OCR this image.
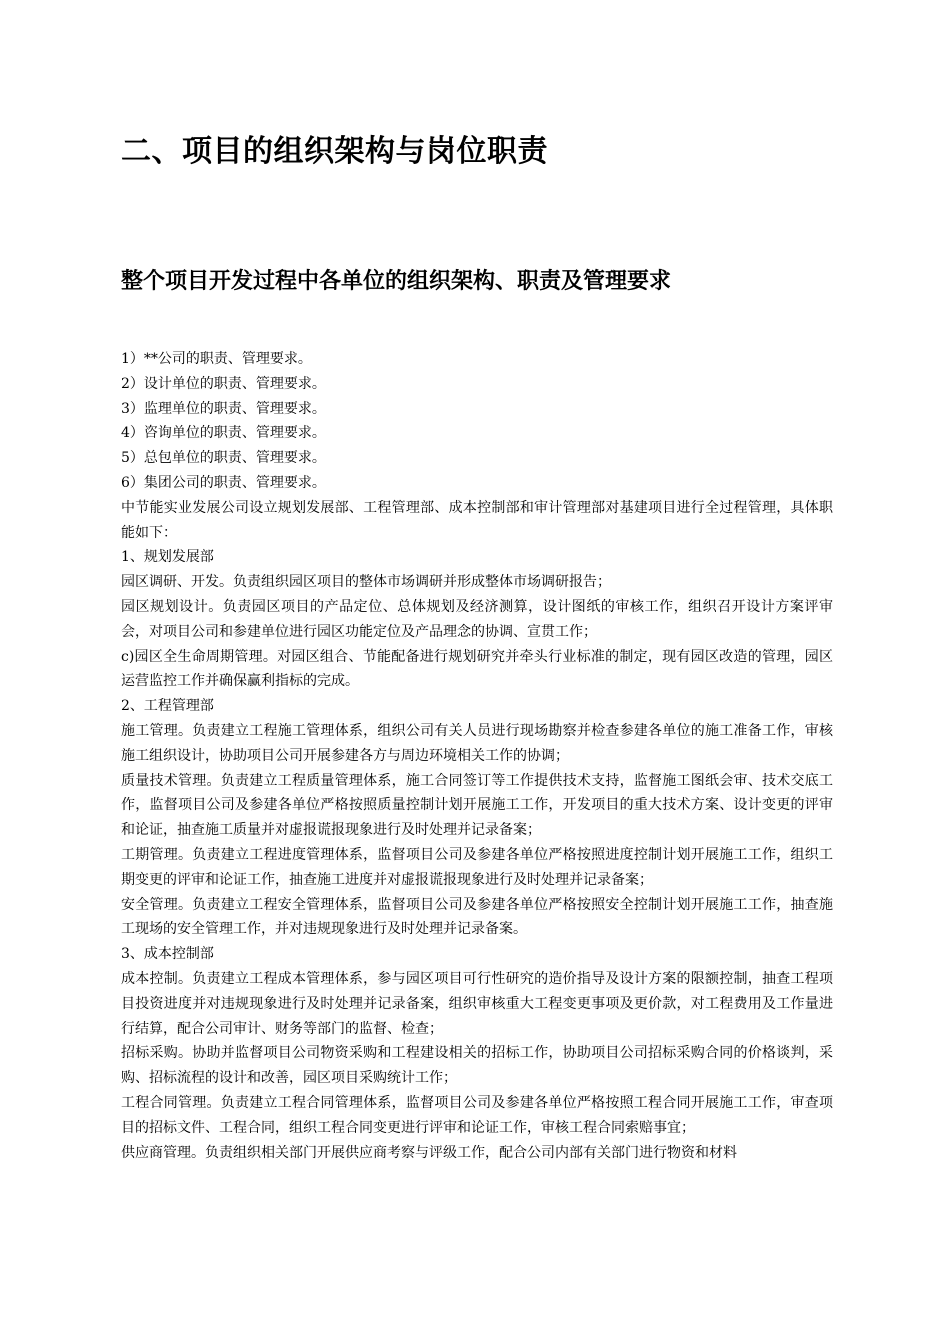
二、项目的组织架构与岗位职责
整个项目开发过程中各单位的组织架构、职责及管理要求

1）**公司的职责、管理要求。

2）设计单位的职责、管理要求。

3）监理单位的职责、管理要求。

4）咨询单位的职责、管理要求。

5）总包单位的职责、管理要求。

6）集团公司的职责、管理要求。

中节能实业发展公司设立规划发展部、工程管理部、成本控制部和审计管理部对基建项目进行全过程管理，具体职能如下：

1、规划发展部

园区调研、开发。负责组织园区项目的整体市场调研并形成整体市场调研报告；

园区规划设计。负责园区项目的产品定位、总体规划及经济测算，设计图纸的审核工作，组织召开设计方案评审会，对项目公司和参建单位进行园区功能定位及产品理念的协调、宣贯工作；

c)园区全生命周期管理。对园区组合、节能配备进行规划研究并牵头行业标准的制定，现有园区改造的管理，园区运营监控工作并确保赢利指标的完成。

2、工程管理部

施工管理。负责建立工程施工管理体系，组织公司有关人员进行现场勘察并检查参建各单位的施工准备工作，审核施工组织设计，协助项目公司开展参建各方与周边环境相关工作的协调；

质量技术管理。负责建立工程质量管理体系，施工合同签订等工作提供技术支持，监督施工图纸会审、技术交底工作，监督项目公司及参建各单位严格按照质量控制计划开展施工工作，开发项目的重大技术方案、设计变更的评审和论证，抽查施工质量并对虚报谎报现象进行及时处理并记录备案；

工期管理。负责建立工程进度管理体系，监督项目公司及参建各单位严格按照进度控制计划开展施工工作，组织工期变更的评审和论证工作，抽查施工进度并对虚报谎报现象进行及时处理并记录备案；

安全管理。负责建立工程安全管理体系，监督项目公司及参建各单位严格按照安全控制计划开展施工工作，抽查施工现场的安全管理工作，并对违规现象进行及时处理并记录备案。

3、成本控制部

成本控制。负责建立工程成本管理体系，参与园区项目可行性研究的造价指导及设计方案的限额控制，抽查工程项目投资进度并对违规现象进行及时处理并记录备案，组织审核重大工程变更事项及更价款，对工程费用及工作量进行结算，配合公司审计、财务等部门的监督、检查；

招标采购。协助并监督项目公司物资采购和工程建设相关的招标工作，协助项目公司招标采购合同的价格谈判，采购、招标流程的设计和改善，园区项目采购统计工作；

工程合同管理。负责建立工程合同管理体系，监督项目公司及参建各单位严格按照工程合同开展施工工作，审查项目的招标文件、工程合同，组织工程合同变更进行评审和论证工作，审核工程合同索赔事宜；

供应商管理。负责组织相关部门开展供应商考察与评级工作，配合公司内部有关部门进行物资和材料
